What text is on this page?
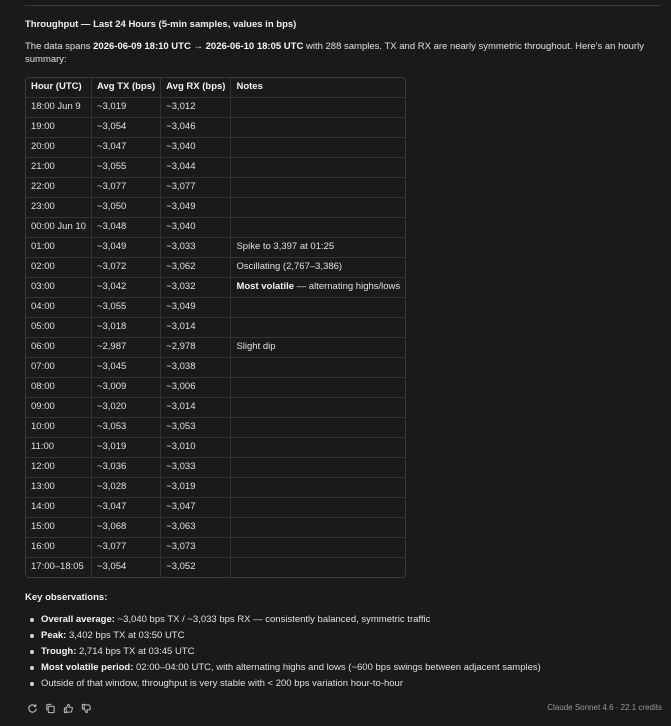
Throughput — Last 24 Hours (5-min samples, values in bps)
The data spans 2026-06-09 18:10 UTC → 2026-06-10 18:05 UTC with 288 samples. TX and RX are nearly symmetric throughout. Here's an hourly summary:
Hour (UTC)	Avg TX (bps)	Avg RX (bps)	Notes
18:00 Jun 9	~3,019	~3,012	
19:00	~3,054	~3,046	
20:00	~3,047	~3,040	
21:00	~3,055	~3,044	
22:00	~3,077	~3,077	
23:00	~3,050	~3,049	
00:00 Jun 10	~3,048	~3,040	
01:00	~3,049	~3,033	Spike to 3,397 at 01:25
02:00	~3,072	~3,062	Oscillating (2,767–3,386)
03:00	~3,042	~3,032	Most volatile — alternating highs/lows
04:00	~3,055	~3,049	
05:00	~3,018	~3,014	
06:00	~2,987	~2,978	Slight dip
07:00	~3,045	~3,038	
08:00	~3,009	~3,006	
09:00	~3,020	~3,014	
10:00	~3,053	~3,053	
11:00	~3,019	~3,010	
12:00	~3,036	~3,033	
13:00	~3,028	~3,019	
14:00	~3,047	~3,047	
15:00	~3,068	~3,063	
16:00	~3,077	~3,073	
17:00–18:05	~3,054	~3,052	
Key observations:
Overall average: ~3,040 bps TX / ~3,033 bps RX — consistently balanced, symmetric traffic
Peak: 3,402 bps TX at 03:50 UTC
Trough: 2,714 bps TX at 03:45 UTC
Most volatile period: 02:00–04:00 UTC, with alternating highs and lows (~600 bps swings between adjacent samples)
Outside of that window, throughput is very stable with < 200 bps variation hour-to-hour
Claude Sonnet 4.6 · 22.1 credits
